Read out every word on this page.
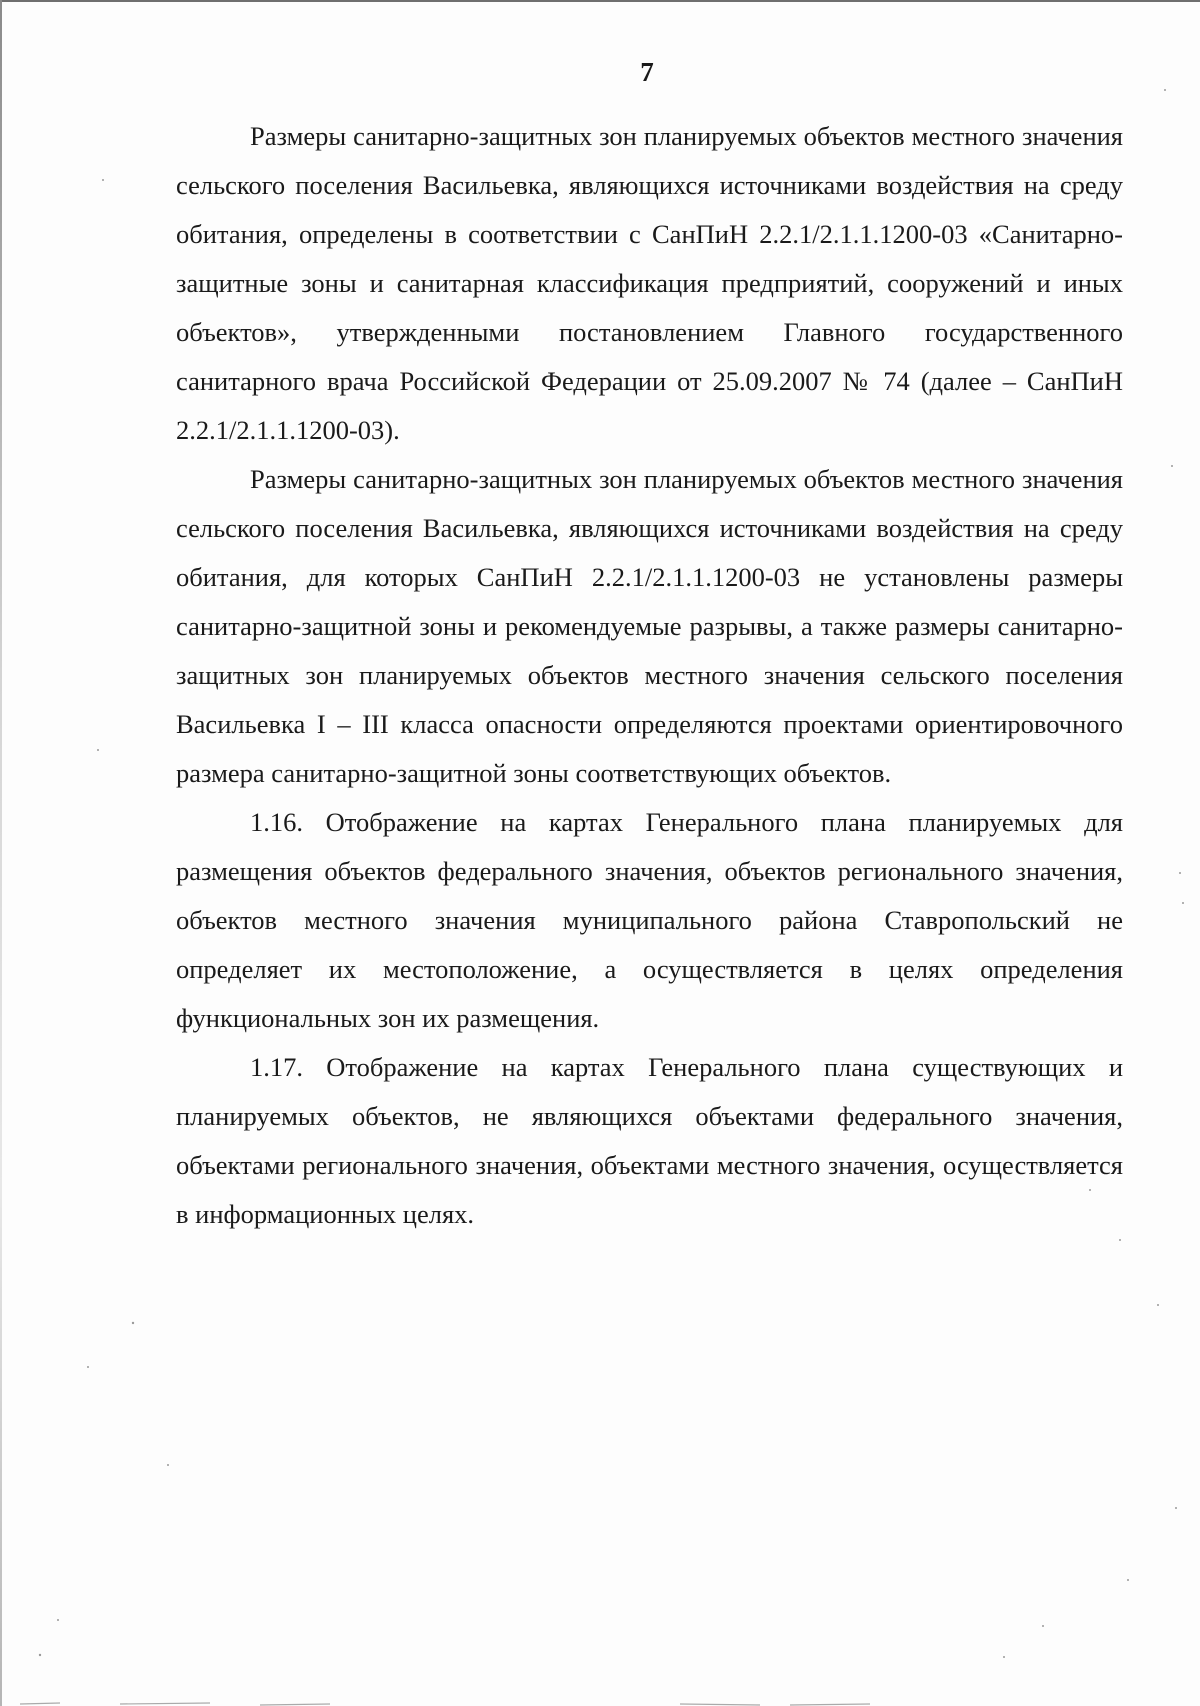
7

Размеры санитарно-защитных зон планируемых объектов местного значения сельского поселения Васильевка, являющихся источниками воздействия на среду обитания, определены в соответствии с СанПиН 2.2.1/2.1.1.1200-03 «Санитарно-защитные зоны и санитарная классификация предприятий, сооружений и иных объектов», утвержденными постановлением Главного государственного санитарного врача Российской Федерации от 25.09.2007 № 74 (далее – СанПиН 2.2.1/2.1.1.1200-03).

Размеры санитарно-защитных зон планируемых объектов местного значения сельского поселения Васильевка, являющихся источниками воздействия на среду обитания, для которых СанПиН 2.2.1/2.1.1.1200-03 не установлены размеры санитарно-защитной зоны и рекомендуемые разрывы, а также размеры санитарно-защитных зон планируемых объектов местного значения сельского поселения Васильевка I – III класса опасности определяются проектами ориентировочного размера санитарно-защитной зоны соответствующих объектов.

1.16. Отображение на картах Генерального плана планируемых для размещения объектов федерального значения, объектов регионального значения, объектов местного значения муниципального района Ставропольский не определяет их местоположение, а осуществляется в целях определения функциональных зон их размещения.

1.17. Отображение на картах Генерального плана существующих и планируемых объектов, не являющихся объектами федерального значения, объектами регионального значения, объектами местного значения, осуществляется в информационных целях.
